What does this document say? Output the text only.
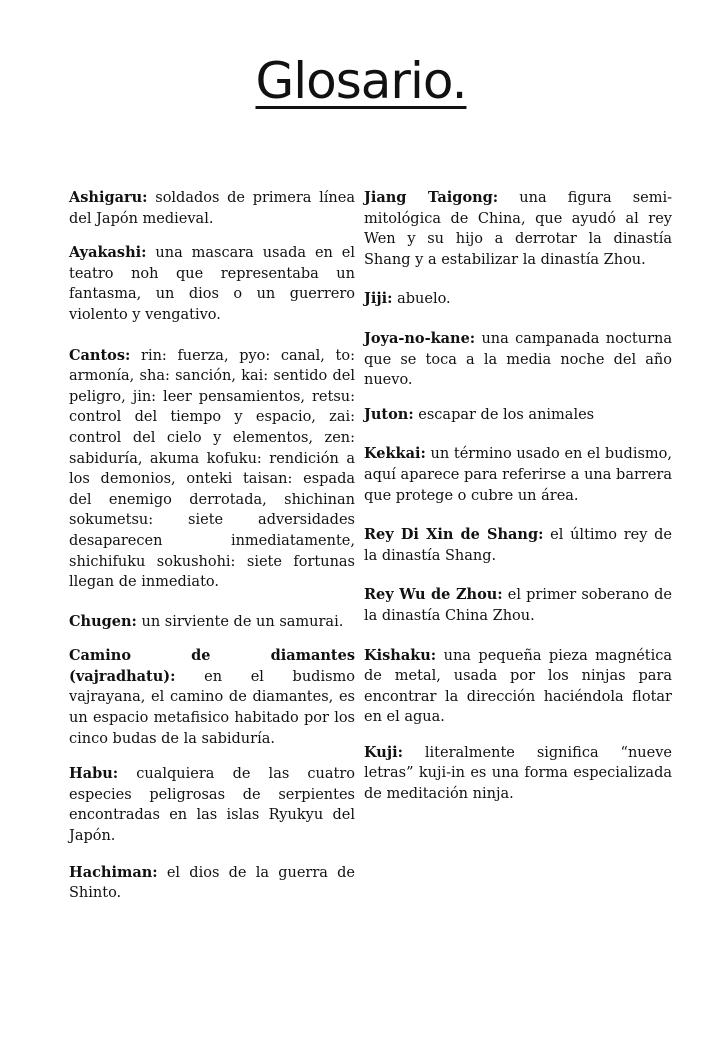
Glosario.

Ashigaru: soldados de primera línea del Japón medieval.

Ayakashi: una mascara usada en el teatro noh que representaba un fantasma, un dios o un guerrero violento y vengativo.

Cantos: rin: fuerza, pyo: canal, to: armonía, sha: sanción, kai: sentido del peligro, jin: leer pensamientos, retsu: control del tiempo y espacio, zai: control del cielo y elementos, zen: sabiduría, akuma kofuku: rendición a los demonios, onteki taisan: espada del enemigo derrotada, shichinan sokumetsu: siete adversidades desaparecen inmediatamente, shichifuku sokushohi: siete fortunas llegan de inmediato.

Chugen: un sirviente de un samurai.

Camino de diamantes (vajradhatu): en el budismo vajrayana, el camino de diamantes, es un espacio metafisico habitado por los cinco budas de la sabiduría.

Habu: cualquiera de las cuatro especies peligrosas de serpientes encontradas en las islas Ryukyu del Japón.

Hachiman: el dios de la guerra de Shinto.

Jiang Taigong: una figura semi-mitológica de China, que ayudó al rey Wen y su hijo a derrotar la dinastía Shang y a estabilizar la dinastía Zhou.

Jiji: abuelo.

Joya-no-kane: una campanada nocturna que se toca a la media noche del año nuevo.

Juton: escapar de los animales

Kekkai: un término usado en el budismo, aquí aparece para referirse a una barrera que protege o cubre un área.

Rey Di Xin de Shang: el último rey de la dinastía Shang.

Rey Wu de Zhou: el primer soberano de la dinastía China Zhou.

Kishaku: una pequeña pieza magnética de metal, usada por los ninjas para encontrar la dirección haciéndola flotar en el agua.

Kuji: literalmente significa “nueve letras” kuji-in es una forma especializada de meditación ninja.
